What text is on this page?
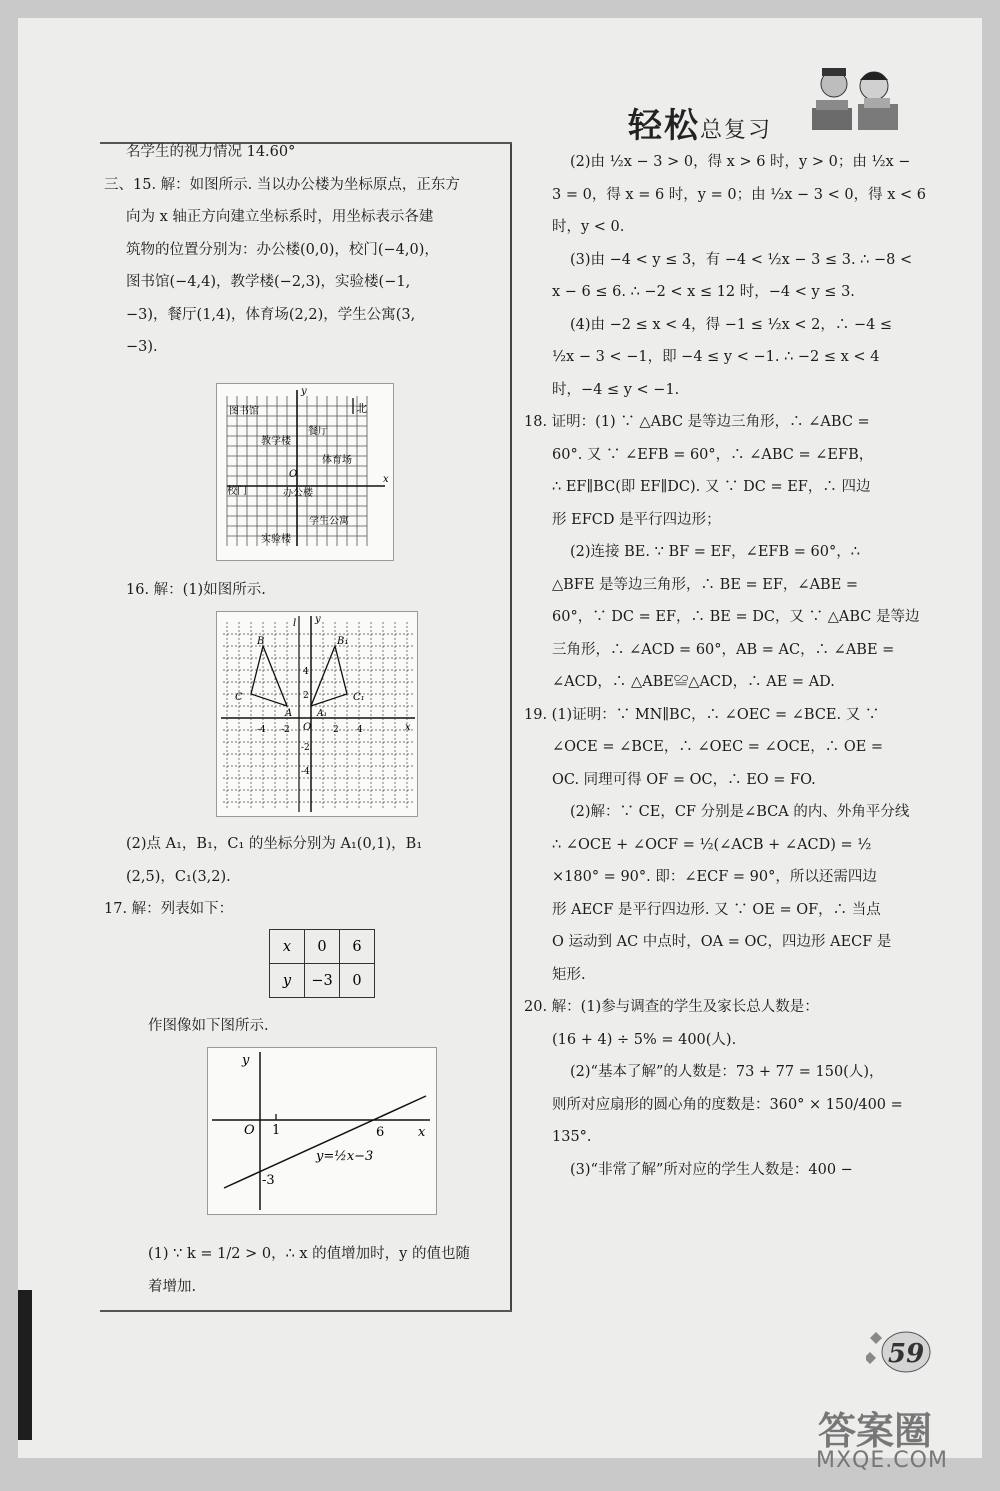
轻松总复习

名学生的视力情况 14.60°

三、15. 解：如图所示. 当以办公楼为坐标原点，正东方

向为 x 轴正方向建立坐标系时，用坐标表示各建

筑物的位置分别为：办公楼(0,0)，校门(−4,0)，

图书馆(−4,4)，教学楼(−2,3)，实验楼(−1,

−3)，餐厅(1,4)，体育场(2,2)，学生公寓(3,

−3).

y
x
北
图书馆
餐厅
教学楼
体育场
O
校门	办公楼
学生公寓
实验楼

16. 解：(1)如图所示.

l y
x
B	B₁
C	C₁
A	A₁
O
-4 -2	2 4
4
2
-2
-4

(2)点 A₁，B₁，C₁ 的坐标分别为 A₁(0,1)，B₁

(2,5)，C₁(3,2).

17. 解：列表如下：

x	0	6
y	−3	0

作图像如下图所示.

y
x
O 1	6
-3
y=½x−3

(1) ∵ k = 1/2 > 0，∴ x 的值增加时，y 的值也随

着增加.

(2)由 ½x − 3 > 0，得 x > 6 时，y > 0；由 ½x −

3 = 0，得 x = 6 时，y = 0；由 ½x − 3 < 0，得 x < 6

时，y < 0.

(3)由 −4 < y ≤ 3，有 −4 < ½x − 3 ≤ 3. ∴ −8 <

x − 6 ≤ 6. ∴ −2 < x ≤ 12 时，−4 < y ≤ 3.

(4)由 −2 ≤ x < 4，得 −1 ≤ ½x < 2，∴ −4 ≤

½x − 3 < −1，即 −4 ≤ y < −1. ∴ −2 ≤ x < 4

时，−4 ≤ y < −1.

18. 证明：(1) ∵ △ABC 是等边三角形，∴ ∠ABC =

60°. 又 ∵ ∠EFB = 60°，∴ ∠ABC = ∠EFB，

∴ EF∥BC(即 EF∥DC). 又 ∵ DC = EF，∴ 四边

形 EFCD 是平行四边形；

(2)连接 BE. ∵ BF = EF，∠EFB = 60°，∴

△BFE 是等边三角形，∴ BE = EF，∠ABE =

60°，∵ DC = EF，∴ BE = DC，又 ∵ △ABC 是等边

三角形，∴ ∠ACD = 60°，AB = AC，∴ ∠ABE =

∠ACD，∴ △ABE≌△ACD，∴ AE = AD.

19. (1)证明：∵ MN∥BC，∴ ∠OEC = ∠BCE. 又 ∵

∠OCE = ∠BCE，∴ ∠OEC = ∠OCE，∴ OE =

OC. 同理可得 OF = OC，∴ EO = FO.

(2)解：∵ CE，CF 分别是∠BCA 的内、外角平分线

∴ ∠OCE + ∠OCF = ½(∠ACB + ∠ACD) = ½

×180° = 90°. 即：∠ECF = 90°，所以还需四边

形 AECF 是平行四边形. 又 ∵ OE = OF，∴ 当点

O 运动到 AC 中点时，OA = OC，四边形 AECF 是

矩形.

20. 解：(1)参与调查的学生及家长总人数是：

(16 + 4) ÷ 5% = 400(人).

(2)“基本了解”的人数是：73 + 77 = 150(人)，

则所对应扇形的圆心角的度数是：360° × 150/400 =

135°.

(3)“非常了解”所对应的学生人数是：400 −

59
答案圈
MXQE.COM
